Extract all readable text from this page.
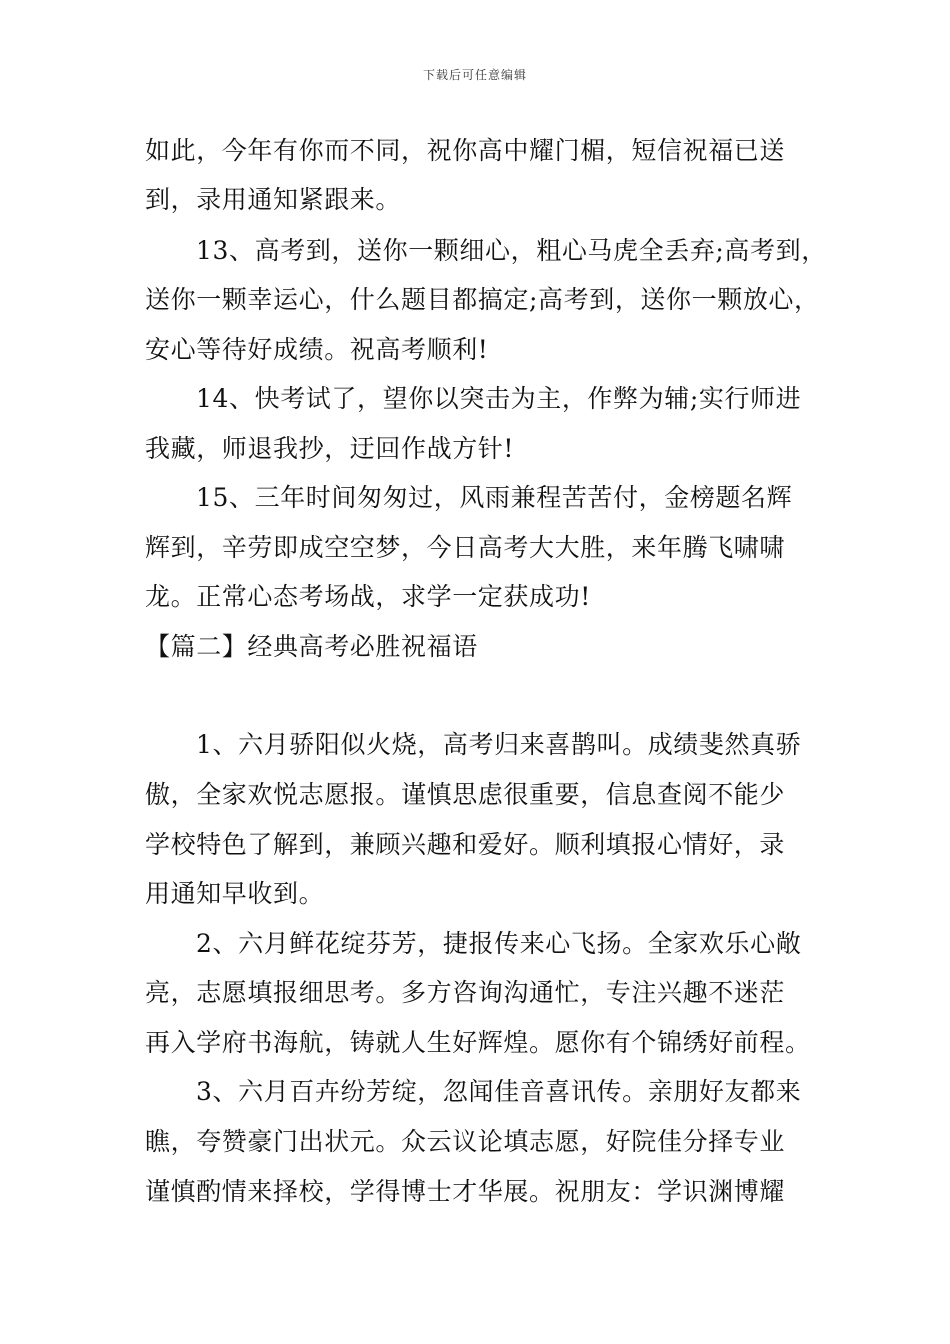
下载后可任意编辑
如此，今年有你而不同，祝你高中耀门楣，短信祝福已送
到，录用通知紧跟来。
13、高考到，送你一颗细心，粗心马虎全丢弃;高考到，
送你一颗幸运心，什么题目都搞定;高考到，送你一颗放心，
安心等待好成绩。祝高考顺利!
14、快考试了，望你以突击为主，作弊为辅;实行师进
我藏，师退我抄，迂回作战方针!
15、三年时间匆匆过，风雨兼程苦苦付，金榜题名辉
辉到，辛劳即成空空梦，今日高考大大胜，来年腾飞啸啸
龙。正常心态考场战，求学一定获成功!
【篇二】经典高考必胜祝福语
1、六月骄阳似火烧，高考归来喜鹊叫。成绩斐然真骄
傲，全家欢悦志愿报。谨慎思虑很重要，信息查阅不能少
学校特色了解到，兼顾兴趣和爱好。顺利填报心情好，录
用通知早收到。
2、六月鲜花绽芬芳，捷报传来心飞扬。全家欢乐心敞
亮，志愿填报细思考。多方咨询沟通忙，专注兴趣不迷茫
再入学府书海航，铸就人生好辉煌。愿你有个锦绣好前程。
3、六月百卉纷芳绽，忽闻佳音喜讯传。亲朋好友都来
瞧，夸赞豪门出状元。众云议论填志愿，好院佳分择专业
谨慎酌情来择校，学得博士才华展。祝朋友：学识渊博耀
